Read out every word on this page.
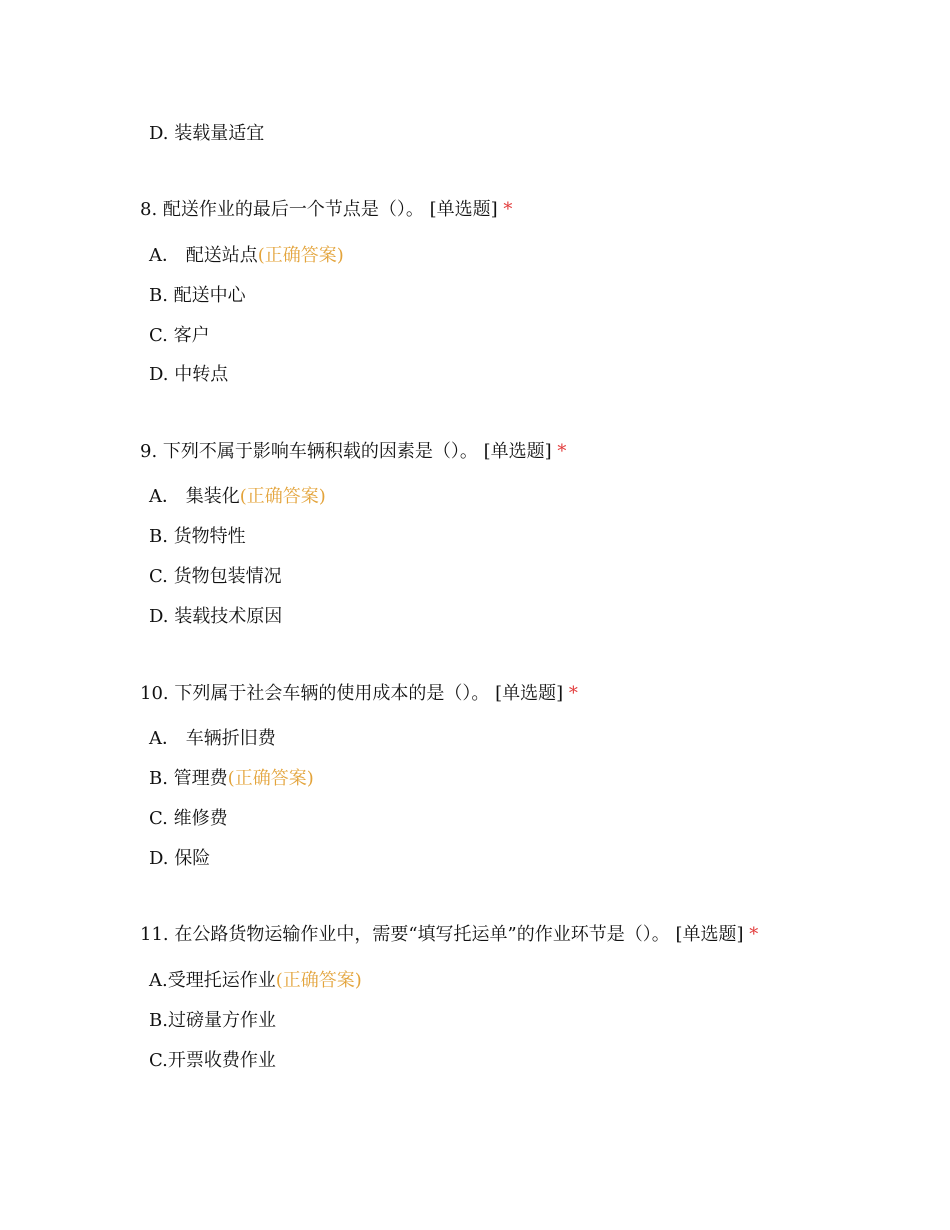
D. 装载量适宜
8. 配送作业的最后一个节点是（）。 [单选题] *
A． 配送站点(正确答案)
B. 配送中心
C. 客户
D. 中转点
9. 下列不属于影响车辆积载的因素是（）。 [单选题] *
A． 集装化(正确答案)
B. 货物特性
C. 货物包装情况
D. 装载技术原因
10. 下列属于社会车辆的使用成本的是（）。 [单选题] *
A． 车辆折旧费
B. 管理费(正确答案)
C. 维修费
D. 保险
11. 在公路货物运输作业中，需要“填写托运单”的作业环节是（）。 [单选题] *
A.受理托运作业(正确答案)
B.过磅量方作业
C.开票收费作业
